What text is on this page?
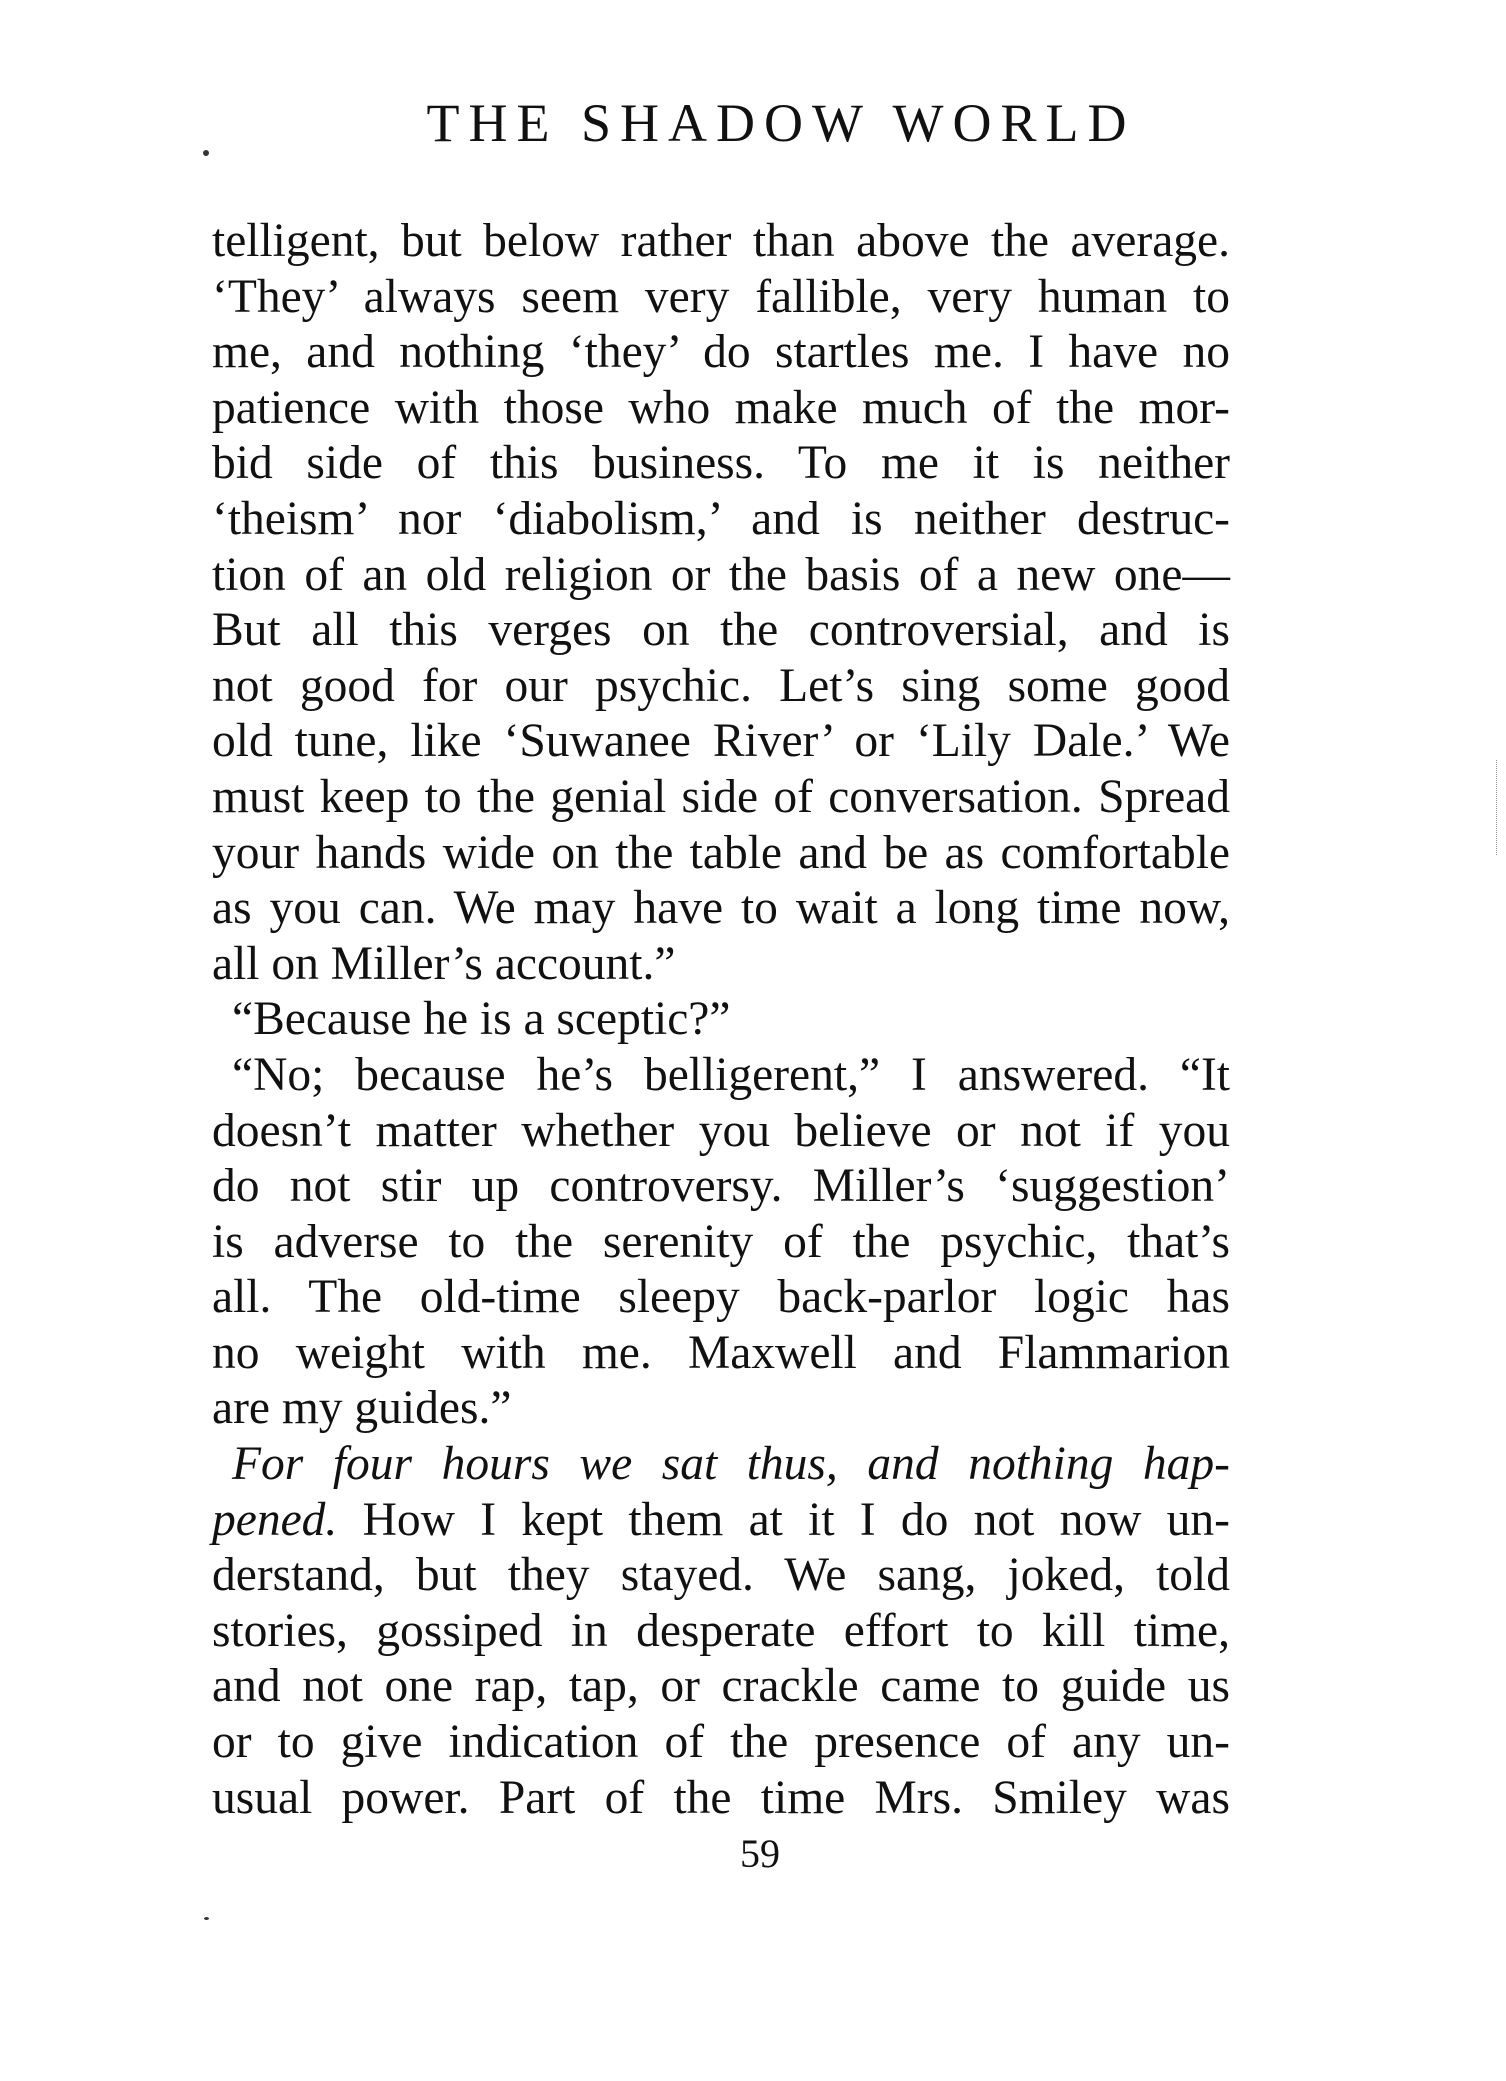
THE SHADOW WORLD
telligent, but below rather than above the average.
‘They’ always seem very fallible, very human to
me, and nothing ‘they’ do startles me. I have no
patience with those who make much of the mor-
bid side of this business. To me it is neither
‘theism’ nor ‘diabolism,’ and is neither destruc-
tion of an old religion or the basis of a new one—
But all this verges on the controversial, and is
not good for our psychic. Let’s sing some good
old tune, like ‘Suwanee River’ or ‘Lily Dale.’ We
must keep to the genial side of conversation. Spread
your hands wide on the table and be as comfortable
as you can. We may have to wait a long time now,
all on Miller’s account.”
“Because he is a sceptic?”
“No; because he’s belligerent,” I answered. “It
doesn’t matter whether you believe or not if you
do not stir up controversy. Miller’s ‘suggestion’
is adverse to the serenity of the psychic, that’s
all. The old-time sleepy back-parlor logic has
no weight with me. Maxwell and Flammarion
are my guides.”
For four hours we sat thus, and nothing hap-
pened. How I kept them at it I do not now un-
derstand, but they stayed. We sang, joked, told
stories, gossiped in desperate effort to kill time,
and not one rap, tap, or crackle came to guide us
or to give indication of the presence of any un-
usual power. Part of the time Mrs. Smiley was
59
